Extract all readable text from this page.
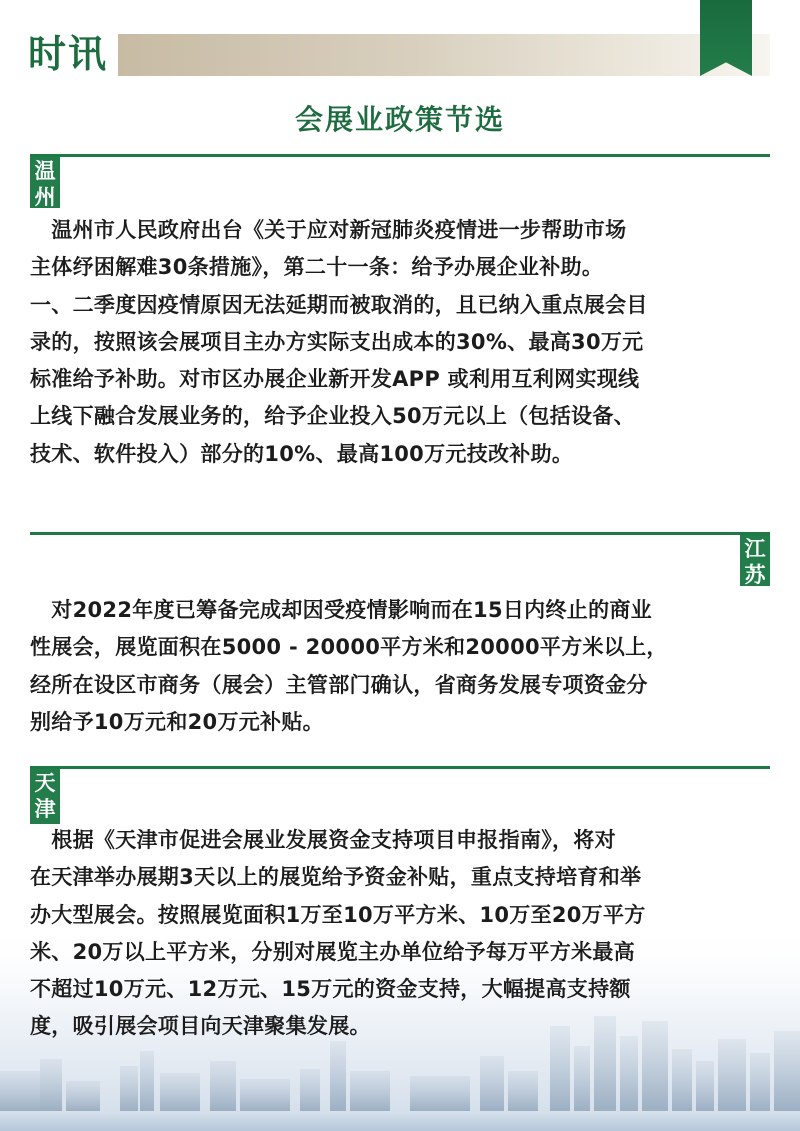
时讯
会展业政策节选
温
州
　温州市人民政府出台《关于应对新冠肺炎疫情进一步帮助市场
主体纾困解难30条措施》，第二十一条：给予办展企业补助。
一、二季度因疫情原因无法延期而被取消的，且已纳入重点展会目
录的，按照该会展项目主办方实际支出成本的30%、最高30万元
标准给予补助。对市区办展企业新开发APP 或利用互利网实现线
上线下融合发展业务的，给予企业投入50万元以上（包括设备、
技术、软件投入）部分的10%、最高100万元技改补助。
江
苏
　对2022年度已筹备完成却因受疫情影响而在15日内终止的商业
性展会，展览面积在5000 - 20000平方米和20000平方米以上，
经所在设区市商务（展会）主管部门确认，省商务发展专项资金分
别给予10万元和20万元补贴。
天
津
　根据《天津市促进会展业发展资金支持项目申报指南》，将对
在天津举办展期3天以上的展览给予资金补贴，重点支持培育和举
办大型展会。按照展览面积1万至10万平方米、10万至20万平方
米、20万以上平方米，分别对展览主办单位给予每万平方米最高
不超过10万元、12万元、15万元的资金支持，大幅提高支持额
度，吸引展会项目向天津聚集发展。
